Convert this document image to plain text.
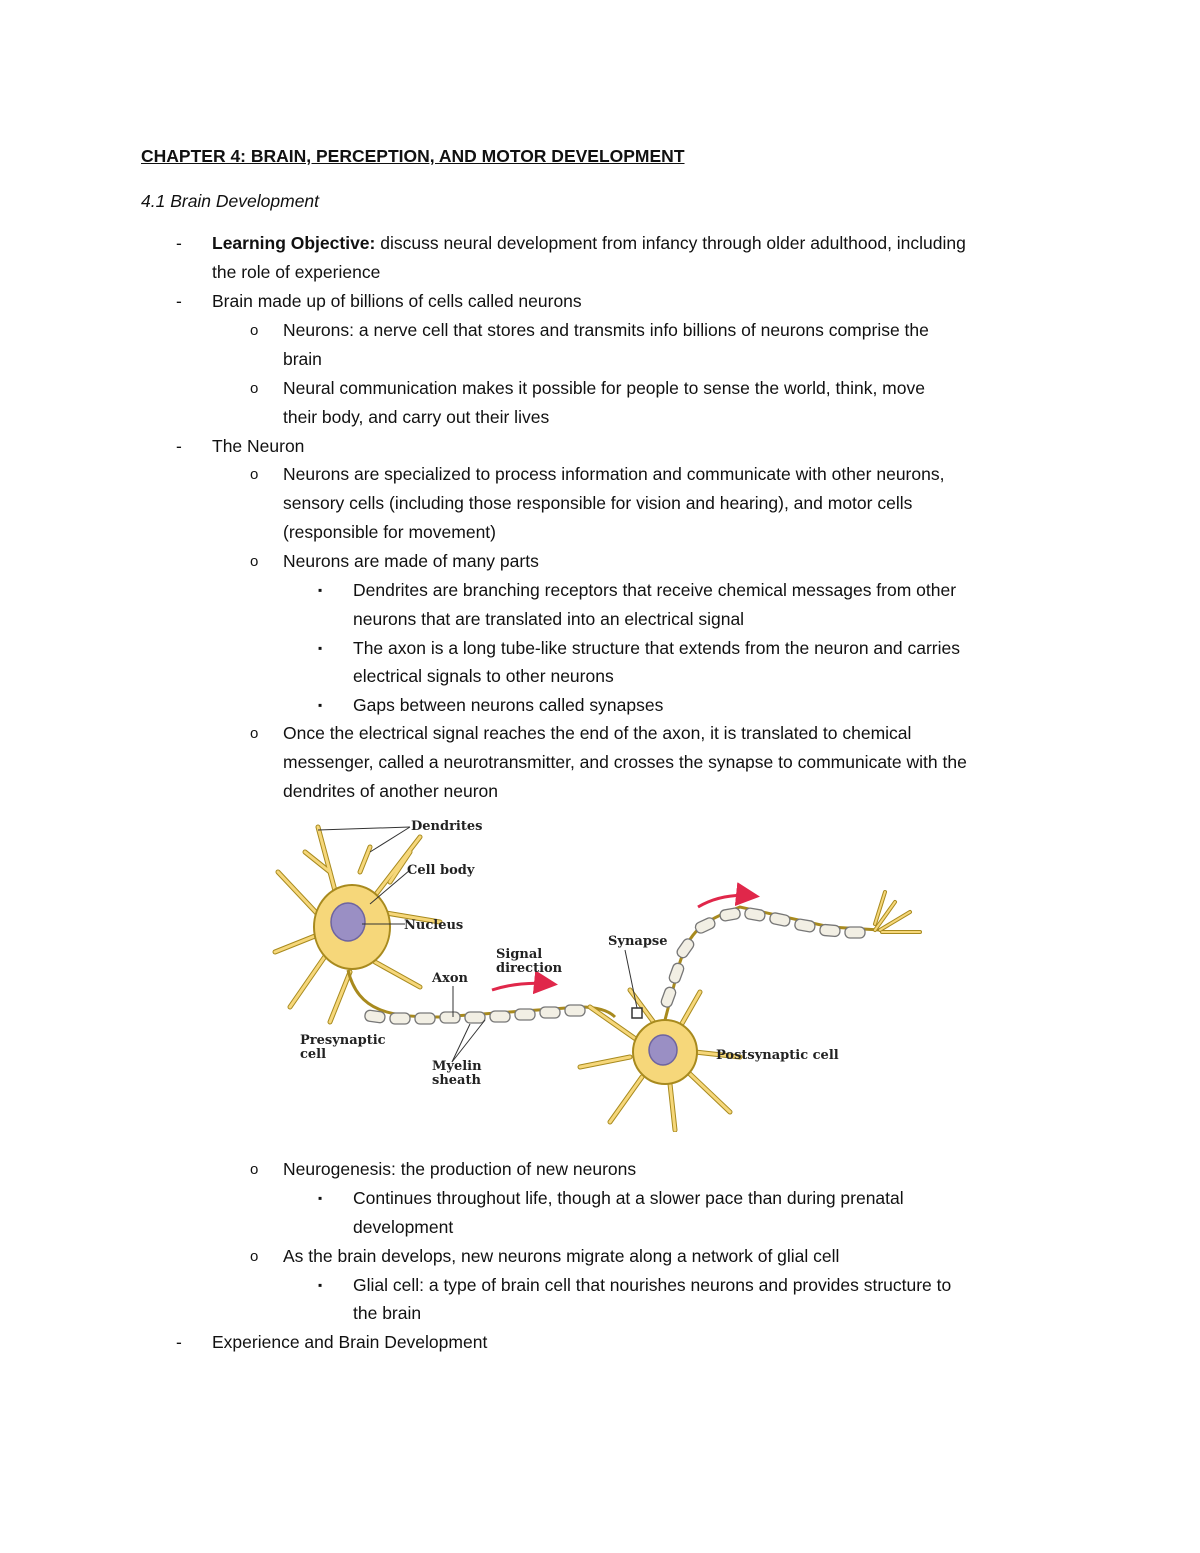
CHAPTER 4: BRAIN, PERCEPTION, AND MOTOR DEVELOPMENT
4.1 Brain Development
- Learning Objective: discuss neural development from infancy through older adulthood, including
the role of experience
- Brain made up of billions of cells called neurons
o Neurons: a nerve cell that stores and transmits info billions of neurons comprise the
brain
o Neural communication makes it possible for people to sense the world, think, move
their body, and carry out their lives
- The Neuron
o Neurons are specialized to process information and communicate with other neurons,
sensory cells (including those responsible for vision and hearing), and motor cells
(responsible for movement)
o Neurons are made of many parts
▪ Dendrites are branching receptors that receive chemical messages from other
neurons that are translated into an electrical signal
▪ The axon is a long tube-like structure that extends from the neuron and carries
electrical signals to other neurons
▪ Gaps between neurons called synapses
o Once the electrical signal reaches the end of the axon, it is translated to chemical
messenger, called a neurotransmitter, and crosses the synapse to communicate with the
dendrites of another neuron
Dendrites
Cell body
Nucleus
Axon
Signal
direction
Synapse
Presynaptic
cell
Myelin
sheath
Postsynaptic cell
o Neurogenesis: the production of new neurons
▪ Continues throughout life, though at a slower pace than during prenatal
development
o As the brain develops, new neurons migrate along a network of glial cell
▪ Glial cell: a type of brain cell that nourishes neurons and provides structure to
the brain
- Experience and Brain Development
